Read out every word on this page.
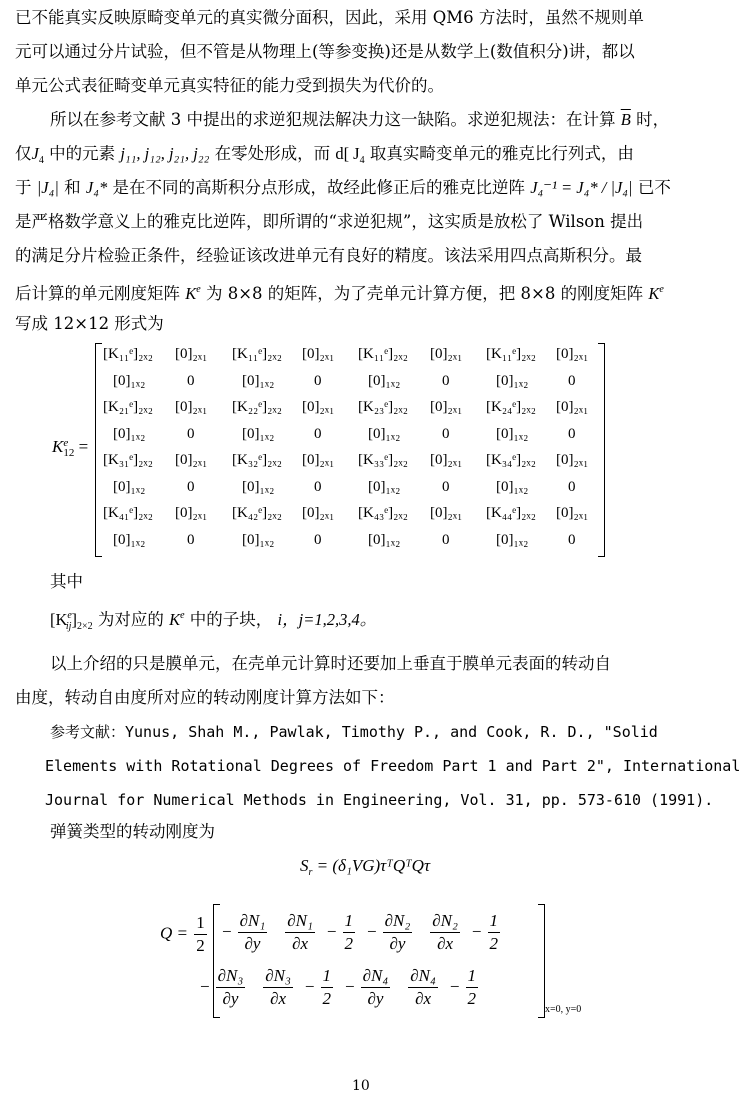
已不能真实反映原畸变单元的真实微分面积，因此，采用 QM6 方法时，虽然不规则单
元可以通过分片试验，但不管是从物理上(等参变换)还是从数学上(数值积分)讲，都以
单元公式表征畸变单元真实特征的能力受到损失为代价的。
所以在参考文献 3 中提出的求逆犯规法解决力这一缺陷。求逆犯规法：在计算 $\overline{B}$ 时，
仅$J_4$ 中的元素 j₁₁, j₁₂, j₂₁, j₂₂ 在零处形成，而 d[ $J_4$ 取真实畸变单元的雅克比行列式，由
于 |J₄| 和 J₄* 是在不同的高斯积分点形成，故经此修正后的雅克比逆阵 J₄⁻¹ = J₄* / |J₄| 已不
是严格数学意义上的雅克比逆阵，即所谓的“求逆犯规”，这实质是放松了 Wilson 提出
的满足分片检验正条件，经验证该改进单元有良好的精度。该法采用四点高斯积分。最
后计算的单元刚度矩阵 $K^e$ 为 8×8 的矩阵，为了壳单元计算方便，把 8×8 的刚度矩阵 $K^e$
写成 12×12 形式为
K e
12 =
[K₁₁ᵉ]₂ₓ₂ [0]₂ₓ₁ [K₁₁ᵉ]₂ₓ₂ [0]₂ₓ₁ [K₁₁ᵉ]₂ₓ₂ [0]₂ₓ₁ [K₁₁ᵉ]₂ₓ₂ [0]₂ₓ₁
[0]₁ₓ₂	0	[0]₁ₓ₂	0	[0]₁ₓ₂	0	[0]₁ₓ₂	0
[K₂₁ᵉ]₂ₓ₂ [0]₂ₓ₁ [K₂₂ᵉ]₂ₓ₂ [0]₂ₓ₁ [K₂₃ᵉ]₂ₓ₂ [0]₂ₓ₁ [K₂₄ᵉ]₂ₓ₂ [0]₂ₓ₁
[0]₁ₓ₂	0	[0]₁ₓ₂	0	[0]₁ₓ₂	0	[0]₁ₓ₂	0
[K₃₁ᵉ]₂ₓ₂ [0]₂ₓ₁ [K₃₂ᵉ]₂ₓ₂ [0]₂ₓ₁ [K₃₃ᵉ]₂ₓ₂ [0]₂ₓ₁ [K₃₄ᵉ]₂ₓ₂ [0]₂ₓ₁
[0]₁ₓ₂	0	[0]₁ₓ₂	0	[0]₁ₓ₂	0	[0]₁ₓ₂	0
[K₄₁ᵉ]₂ₓ₂ [0]₂ₓ₁ [K₄₂ᵉ]₂ₓ₂ [0]₂ₓ₁ [K₄₃ᵉ]₂ₓ₂ [0]₂ₓ₁ [K₄₄ᵉ]₂ₓ₂ [0]₂ₓ₁
[0]₁ₓ₂	0	[0]₁ₓ₂	0	[0]₁ₓ₂	0	[0]₁ₓ₂	0
其中
$[K^e_{ij}]_{2\times 2}$ 为对应的 $K^e$ 中的子块， i，j=1,2,3,4。
以上介绍的只是膜单元，在壳单元计算时还要加上垂直于膜单元表面的转动自
由度，转动自由度所对应的转动刚度计算方法如下：
参考文献：Yunus, Shah M., Pawlak, Timothy P., and Cook, R. D., "Solid
Elements with Rotational Degrees of Freedom Part 1 and Part 2", International
Journal for Numerical Methods in Engineering, Vol. 31, pp. 573-610 (1991).
弹簧类型的转动刚度为
$S_r$ = (δ₁VG)τᵀQᵀQτ
$Q = \frac{1}{2} - \frac{\text{∂N₁}}{\partial y} \frac{\text{∂N₁}}{\partial x} - \frac{1}{2} - \frac{\text{∂N₂}}{\partial y} \frac{\text{∂N₂}}{\partial x} - \frac{1}{2}$
− $\frac{\text{∂N₃}}{\partial y} \frac{\text{∂N₃}}{\partial x} - \frac{1}{2} - \frac{\text{∂N₄}}{\partial y} \frac{\text{∂N₄}}{\partial x} - \frac{1}{2}$	x=0, y=0
10
